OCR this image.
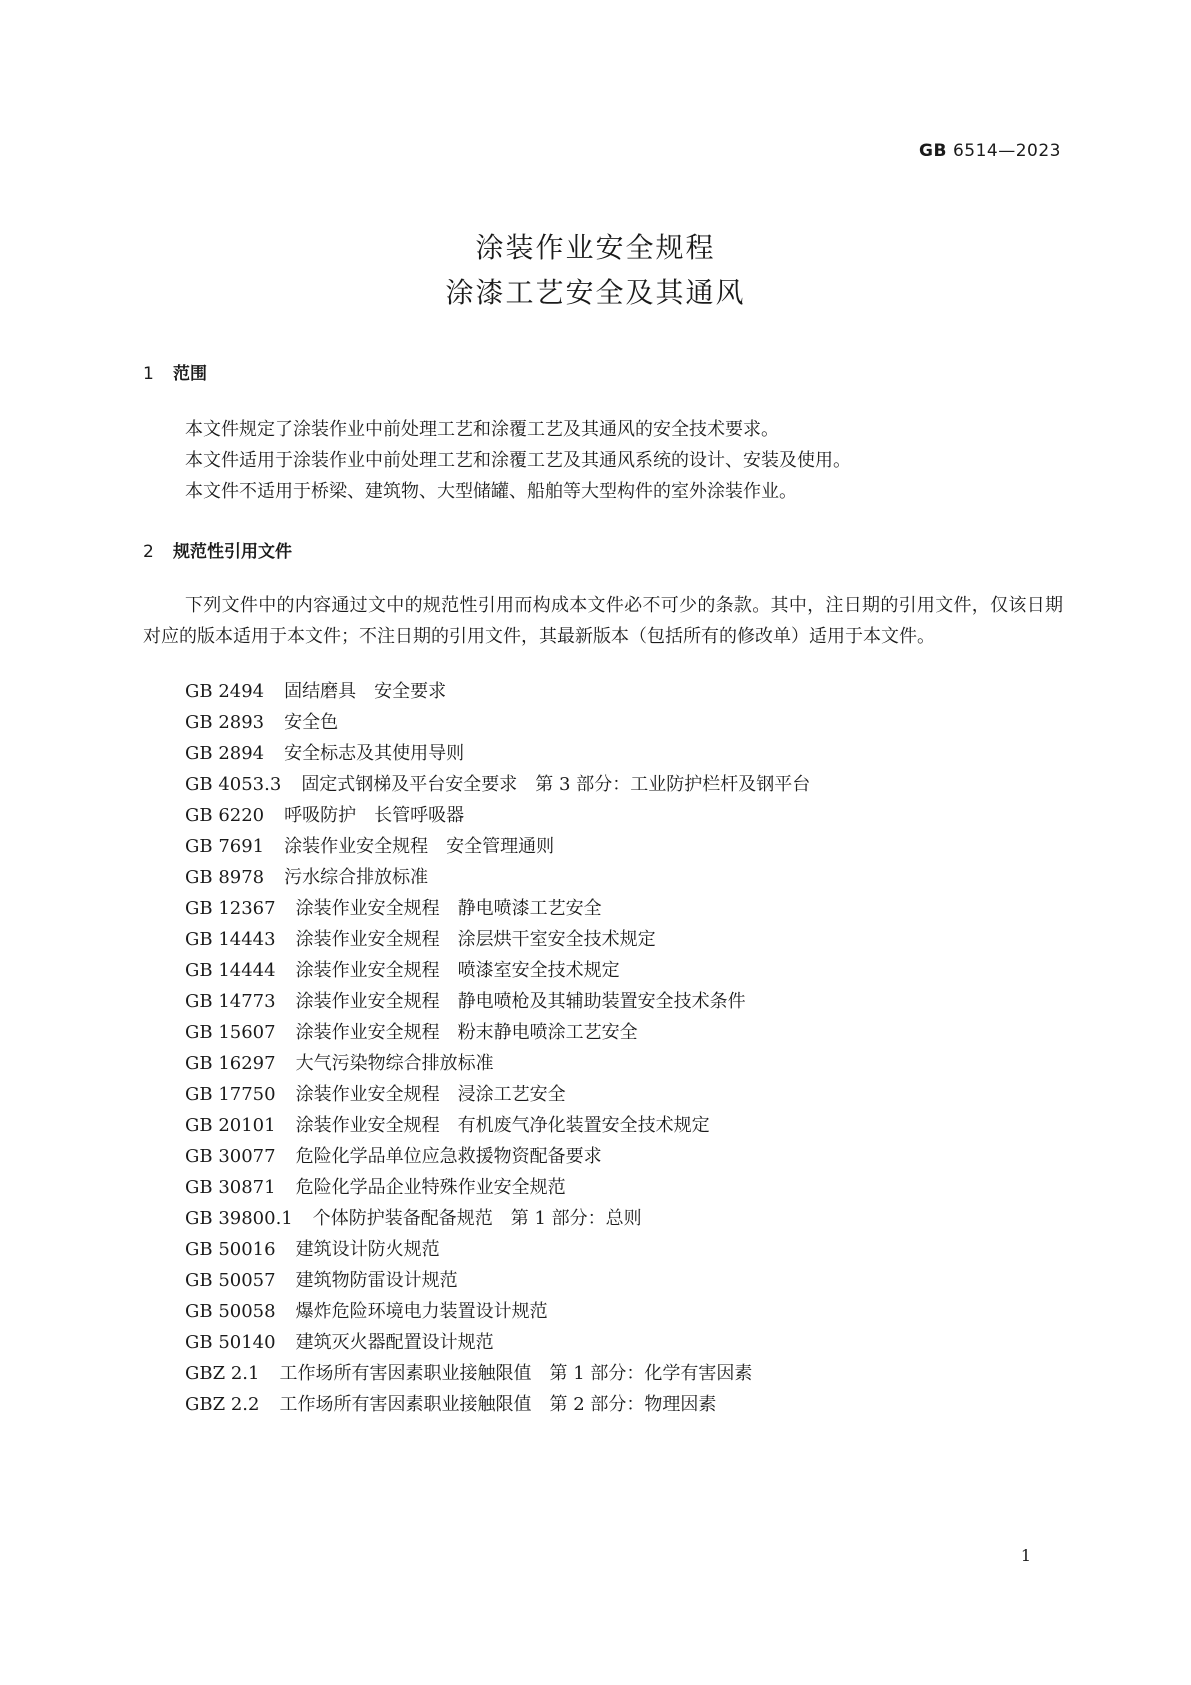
GB 6514—2023
涂装作业安全规程
涂漆工艺安全及其通风
1 范围
本文件规定了涂装作业中前处理工艺和涂覆工艺及其通风的安全技术要求。
本文件适用于涂装作业中前处理工艺和涂覆工艺及其通风系统的设计、安装及使用。
本文件不适用于桥梁、建筑物、大型储罐、船舶等大型构件的室外涂装作业。
2 规范性引用文件
下列文件中的内容通过文中的规范性引用而构成本文件必不可少的条款。其中，注日期的引用文件，仅该日期对应的版本适用于本文件；不注日期的引用文件，其最新版本（包括所有的修改单）适用于本文件。
GB 2494 固结磨具　安全要求
GB 2893 安全色
GB 2894 安全标志及其使用导则
GB 4053.3 固定式钢梯及平台安全要求　第 3 部分：工业防护栏杆及钢平台
GB 6220 呼吸防护　长管呼吸器
GB 7691 涂装作业安全规程　安全管理通则
GB 8978 污水综合排放标准
GB 12367 涂装作业安全规程　静电喷漆工艺安全
GB 14443 涂装作业安全规程　涂层烘干室安全技术规定
GB 14444 涂装作业安全规程　喷漆室安全技术规定
GB 14773 涂装作业安全规程　静电喷枪及其辅助装置安全技术条件
GB 15607 涂装作业安全规程　粉末静电喷涂工艺安全
GB 16297 大气污染物综合排放标准
GB 17750 涂装作业安全规程　浸涂工艺安全
GB 20101 涂装作业安全规程　有机废气净化装置安全技术规定
GB 30077 危险化学品单位应急救援物资配备要求
GB 30871 危险化学品企业特殊作业安全规范
GB 39800.1 个体防护装备配备规范　第 1 部分：总则
GB 50016 建筑设计防火规范
GB 50057 建筑物防雷设计规范
GB 50058 爆炸危险环境电力装置设计规范
GB 50140 建筑灭火器配置设计规范
GBZ 2.1 工作场所有害因素职业接触限值　第 1 部分：化学有害因素
GBZ 2.2 工作场所有害因素职业接触限值　第 2 部分：物理因素
1
